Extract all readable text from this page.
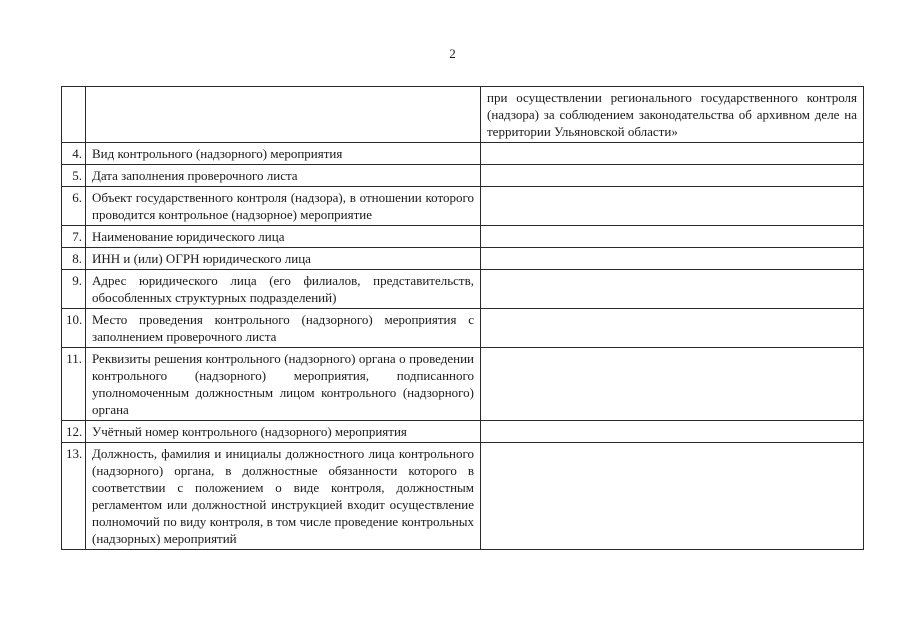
2
		при осуществлении регионального государственного контроля (надзора) за соблюдением законодательства об архивном деле на территории Ульяновской области»
4.	Вид контрольного (надзорного) мероприятия	
5.	Дата заполнения проверочного листа	
6.	Объект государственного контроля (надзора), в отношении которого проводится контрольное (надзорное) мероприятие	
7.	Наименование юридического лица	
8.	ИНН и (или) ОГРН юридического лица	
9.	Адрес юридического лица (его филиалов, представительств, обособленных структурных подразделений)	
10.	Место проведения контрольного (надзорного) мероприятия с заполнением проверочного листа	
11.	Реквизиты решения контрольного (надзорного) органа о проведении контрольного (надзорного) мероприятия, подписанного уполномоченным должностным лицом контрольного (надзорного) органа	
12.	Учётный номер контрольного (надзорного) мероприятия	
13.	Должность, фамилия и инициалы должностного лица контрольного (надзорного) органа, в должностные обязанности которого в соответствии с положением о виде контроля, должностным регламентом или должностной инструкцией входит осуществление полномочий по виду контроля, в том числе проведение контрольных (надзорных) мероприятий	
